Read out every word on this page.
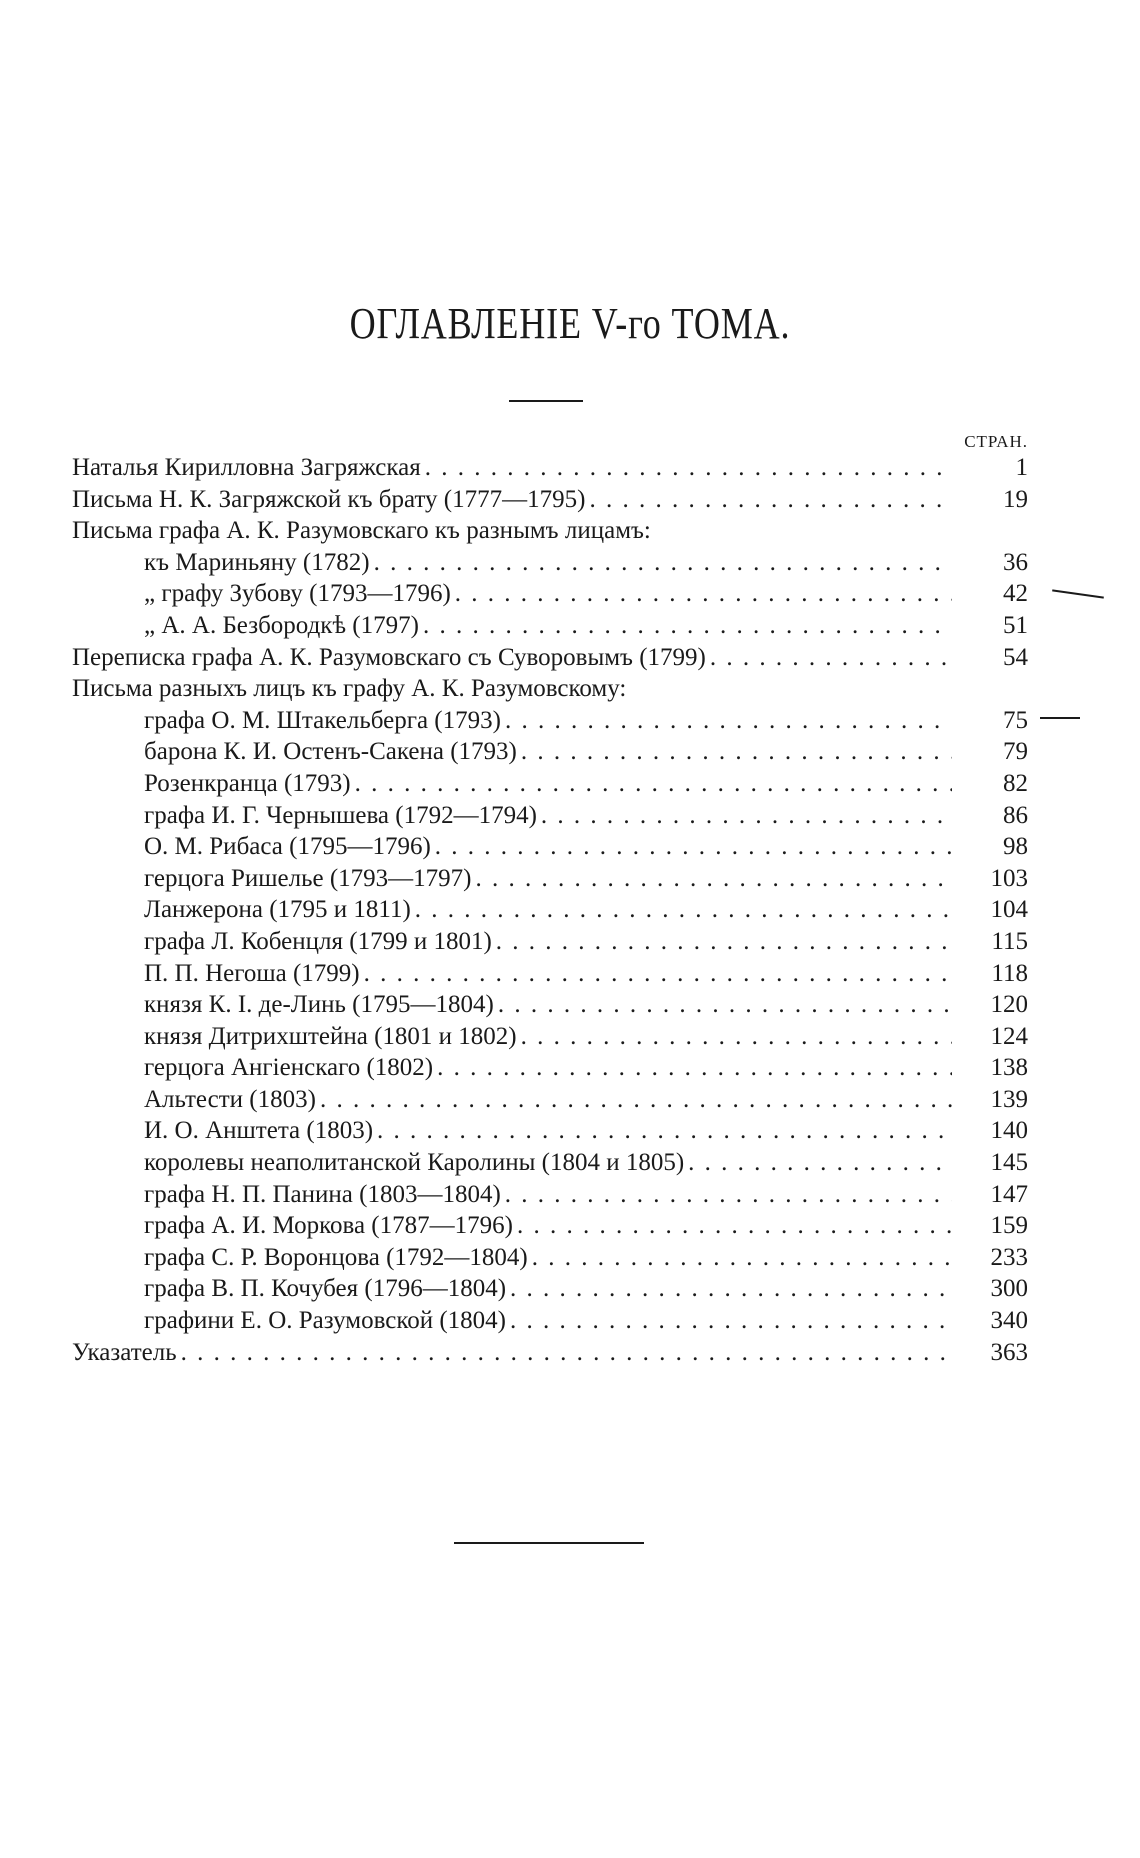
ОГЛАВЛЕНІЕ V-го ТОМА.
СТРАН.
Наталья Кирилловна Загряжская . . .	1
Письма Н. К. Загряжской къ брату (1777—1795) . . .	19
Письма графа А. К. Разумовскаго къ разнымъ лицамъ:
къ Мариньяну (1782) . . .	36
„ графу Зубову (1793—1796) . . .	42
„ А. А. Безбородкѣ (1797) . . .	51
Переписка графа А. К. Разумовскаго съ Суворовымъ (1799) . . .	54
Письма разныхъ лицъ къ графу А. К. Разумовскому:
графа О. М. Штакельберга (1793) . . .	75
барона К. И. Остенъ-Сакена (1793) . . .	79
Розенкранца (1793) . . .	82
графа И. Г. Чернышева (1792—1794) . . .	86
О. М. Рибаса (1795—1796) . . .	98
герцога Ришелье (1793—1797) . . .	103
Ланжерона (1795 и 1811) . . .	104
графа Л. Кобенцля (1799 и 1801) . . .	115
П. П. Негоша (1799) . . .	118
князя К. І. де-Линь (1795—1804) . . .	120
князя Дитрихштейна (1801 и 1802) . . .	124
герцога Ангіенскаго (1802) . . .	138
Альтести (1803) . . .	139
И. О. Анштета (1803) . . .	140
королевы неаполитанской Каролины (1804 и 1805) . . .	145
графа Н. П. Панина (1803—1804) . . .	147
графа А. И. Моркова (1787—1796) . . .	159
графа С. Р. Воронцова (1792—1804) . . .	233
графа В. П. Кочубея (1796—1804) . . .	300
графини Е. О. Разумовской (1804) . . .	340
Указатель . . .	363
